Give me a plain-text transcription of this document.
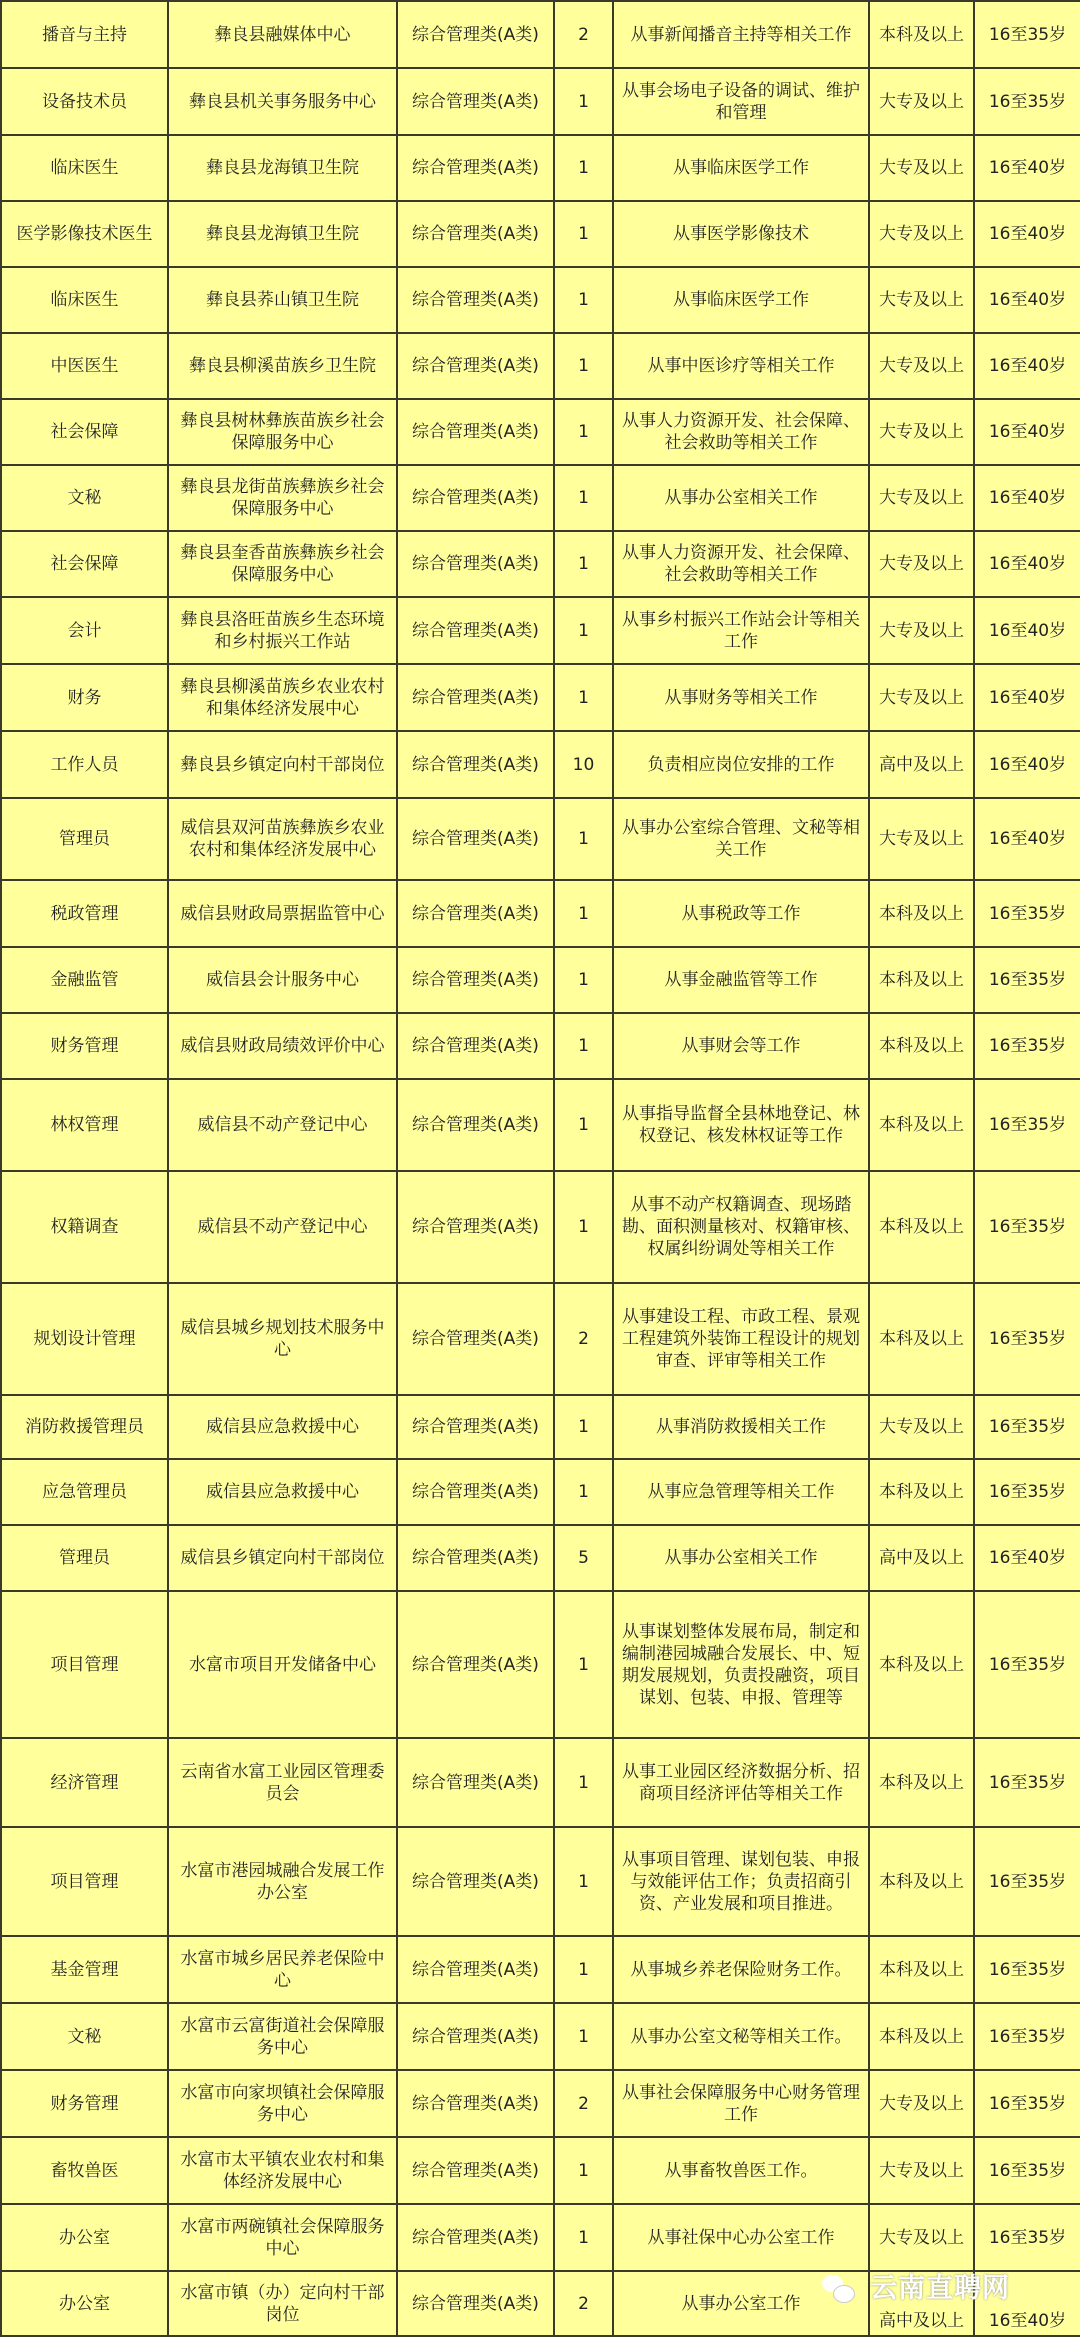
播音与主持	彝良县融媒体中心	综合管理类(A类)	2	从事新闻播音主持等相关工作	本科及以上	16至35岁
设备技术员	彝良县机关事务服务中心	综合管理类(A类)	1	从事会场电子设备的调试、维护和管理	大专及以上	16至35岁
临床医生	彝良县龙海镇卫生院	综合管理类(A类)	1	从事临床医学工作	大专及以上	16至40岁
医学影像技术医生	彝良县龙海镇卫生院	综合管理类(A类)	1	从事医学影像技术	大专及以上	16至40岁
临床医生	彝良县荞山镇卫生院	综合管理类(A类)	1	从事临床医学工作	大专及以上	16至40岁
中医医生	彝良县柳溪苗族乡卫生院	综合管理类(A类)	1	从事中医诊疗等相关工作	大专及以上	16至40岁
社会保障	彝良县树林彝族苗族乡社会保障服务中心	综合管理类(A类)	1	从事人力资源开发、社会保障、社会救助等相关工作	大专及以上	16至40岁
文秘	彝良县龙街苗族彝族乡社会保障服务中心	综合管理类(A类)	1	从事办公室相关工作	大专及以上	16至40岁
社会保障	彝良县奎香苗族彝族乡社会保障服务中心	综合管理类(A类)	1	从事人力资源开发、社会保障、社会救助等相关工作	大专及以上	16至40岁
会计	彝良县洛旺苗族乡生态环境和乡村振兴工作站	综合管理类(A类)	1	从事乡村振兴工作站会计等相关工作	大专及以上	16至40岁
财务	彝良县柳溪苗族乡农业农村和集体经济发展中心	综合管理类(A类)	1	从事财务等相关工作	大专及以上	16至40岁
工作人员	彝良县乡镇定向村干部岗位	综合管理类(A类)	10	负责相应岗位安排的工作	高中及以上	16至40岁
管理员	威信县双河苗族彝族乡农业农村和集体经济发展中心	综合管理类(A类)	1	从事办公室综合管理、文秘等相关工作	大专及以上	16至40岁
税政管理	威信县财政局票据监管中心	综合管理类(A类)	1	从事税政等工作	本科及以上	16至35岁
金融监管	威信县会计服务中心	综合管理类(A类)	1	从事金融监管等工作	本科及以上	16至35岁
财务管理	威信县财政局绩效评价中心	综合管理类(A类)	1	从事财会等工作	本科及以上	16至35岁
林权管理	威信县不动产登记中心	综合管理类(A类)	1	从事指导监督全县林地登记、林权登记、核发林权证等工作	本科及以上	16至35岁
权籍调查	威信县不动产登记中心	综合管理类(A类)	1	从事不动产权籍调查、现场踏勘、面积测量核对、权籍审核、权属纠纷调处等相关工作	本科及以上	16至35岁
规划设计管理	威信县城乡规划技术服务中心	综合管理类(A类)	2	从事建设工程、市政工程、景观工程建筑外装饰工程设计的规划审查、评审等相关工作	本科及以上	16至35岁
消防救援管理员	威信县应急救援中心	综合管理类(A类)	1	从事消防救援相关工作	大专及以上	16至35岁
应急管理员	威信县应急救援中心	综合管理类(A类)	1	从事应急管理等相关工作	本科及以上	16至35岁
管理员	威信县乡镇定向村干部岗位	综合管理类(A类)	5	从事办公室相关工作	高中及以上	16至40岁
项目管理	水富市项目开发储备中心	综合管理类(A类)	1	从事谋划整体发展布局，制定和编制港园城融合发展长、中、短期发展规划，负责投融资，项目谋划、包装、申报、管理等	本科及以上	16至35岁
经济管理	云南省水富工业园区管理委员会	综合管理类(A类)	1	从事工业园区经济数据分析、招商项目经济评估等相关工作	本科及以上	16至35岁
项目管理	水富市港园城融合发展工作办公室	综合管理类(A类)	1	从事项目管理、谋划包装、申报与效能评估工作；负责招商引资、产业发展和项目推进。	本科及以上	16至35岁
基金管理	水富市城乡居民养老保险中心	综合管理类(A类)	1	从事城乡养老保险财务工作。	本科及以上	16至35岁
文秘	水富市云富街道社会保障服务中心	综合管理类(A类)	1	从事办公室文秘等相关工作。	本科及以上	16至35岁
财务管理	水富市向家坝镇社会保障服务中心	综合管理类(A类)	2	从事社会保障服务中心财务管理工作	大专及以上	16至35岁
畜牧兽医	水富市太平镇农业农村和集体经济发展中心	综合管理类(A类)	1	从事畜牧兽医工作。	大专及以上	16至35岁
办公室	水富市两碗镇社会保障服务中心	综合管理类(A类)	1	从事社保中心办公室工作	大专及以上	16至35岁
办公室	水富市镇（办）定向村干部岗位	综合管理类(A类)	2	从事办公室工作	高中及以上	16至40岁
云南直聘网
